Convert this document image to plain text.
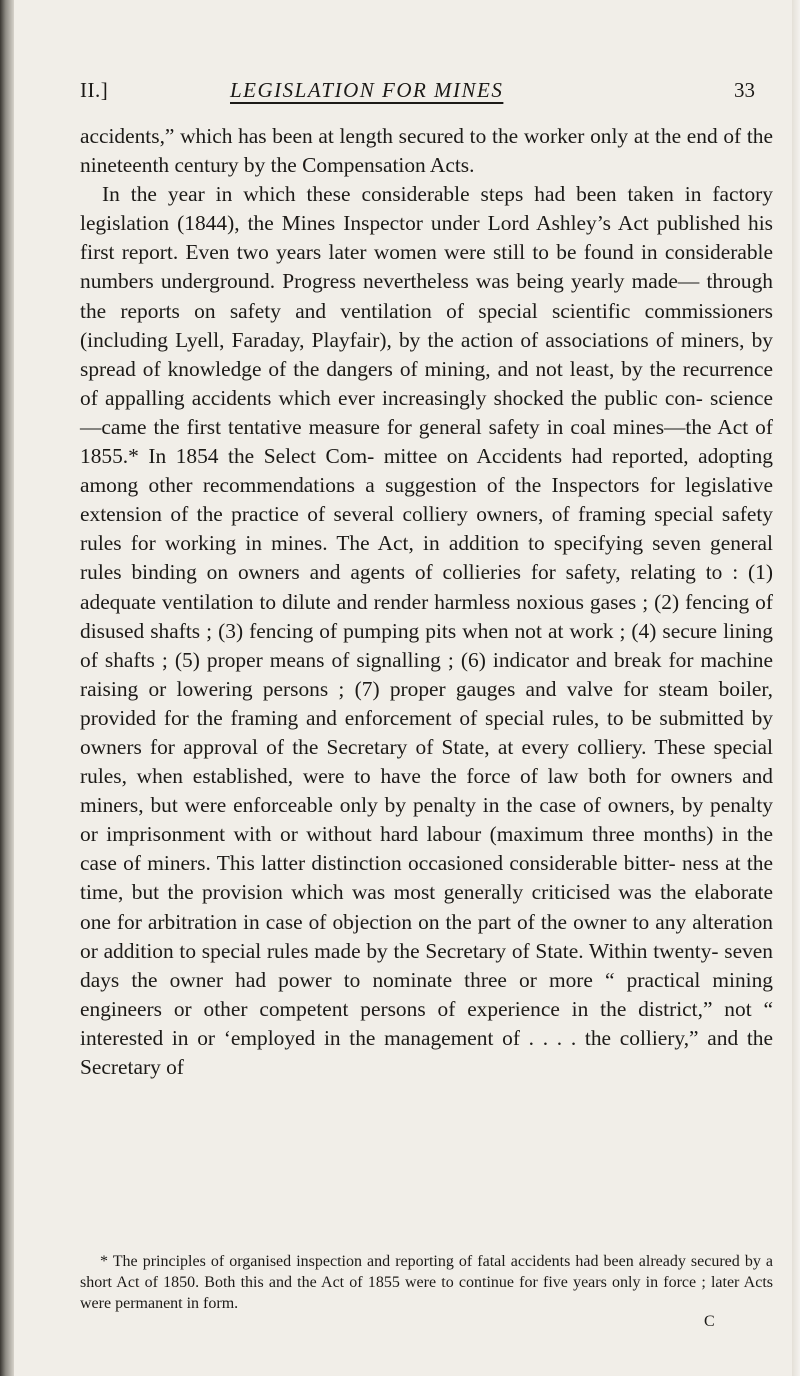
II.]	LEGISLATION FOR MINES	33

accidents,” which has been at length secured to the worker only at the end of the nineteenth century by the Compensation Acts.

In the year in which these considerable steps had been taken in factory legislation (1844), the Mines Inspector under Lord Ashley’s Act published his first report. Even two years later women were still to be found in considerable numbers underground. Progress nevertheless was being yearly made— through the reports on safety and ventilation of special scientific commissioners (including Lyell, Faraday, Playfair), by the action of associations of miners, by spread of knowledge of the dangers of mining, and not least, by the recurrence of appalling accidents which ever increasingly shocked the public con- science—came the first tentative measure for general safety in coal mines—the Act of 1855.* In 1854 the Select Com- mittee on Accidents had reported, adopting among other recommendations a suggestion of the Inspectors for legislative extension of the practice of several colliery owners, of framing special safety rules for working in mines. The Act, in addition to specifying seven general rules binding on owners and agents of collieries for safety, relating to : (1) adequate ventilation to dilute and render harmless noxious gases ; (2) fencing of disused shafts ; (3) fencing of pumping pits when not at work ; (4) secure lining of shafts ; (5) proper means of signalling ; (6) indicator and break for machine raising or lowering persons ; (7) proper gauges and valve for steam boiler, provided for the framing and enforcement of special rules, to be submitted by owners for approval of the Secretary of State, at every colliery. These special rules, when established, were to have the force of law both for owners and miners, but were enforceable only by penalty in the case of owners, by penalty or imprisonment with or without hard labour (maximum three months) in the case of miners. This latter distinction occasioned considerable bitter- ness at the time, but the provision which was most generally criticised was the elaborate one for arbitration in case of objection on the part of the owner to any alteration or addition to special rules made by the Secretary of State. Within twenty- seven days the owner had power to nominate three or more “ practical mining engineers or other competent persons of experience in the district,” not “ interested in or ‘employed in the management of . . . . the colliery,” and the Secretary of

* The principles of organised inspection and reporting of fatal accidents had been already secured by a short Act of 1850. Both this and the Act of 1855 were to continue for five years only in force ; later Acts were permanent in form.

C
